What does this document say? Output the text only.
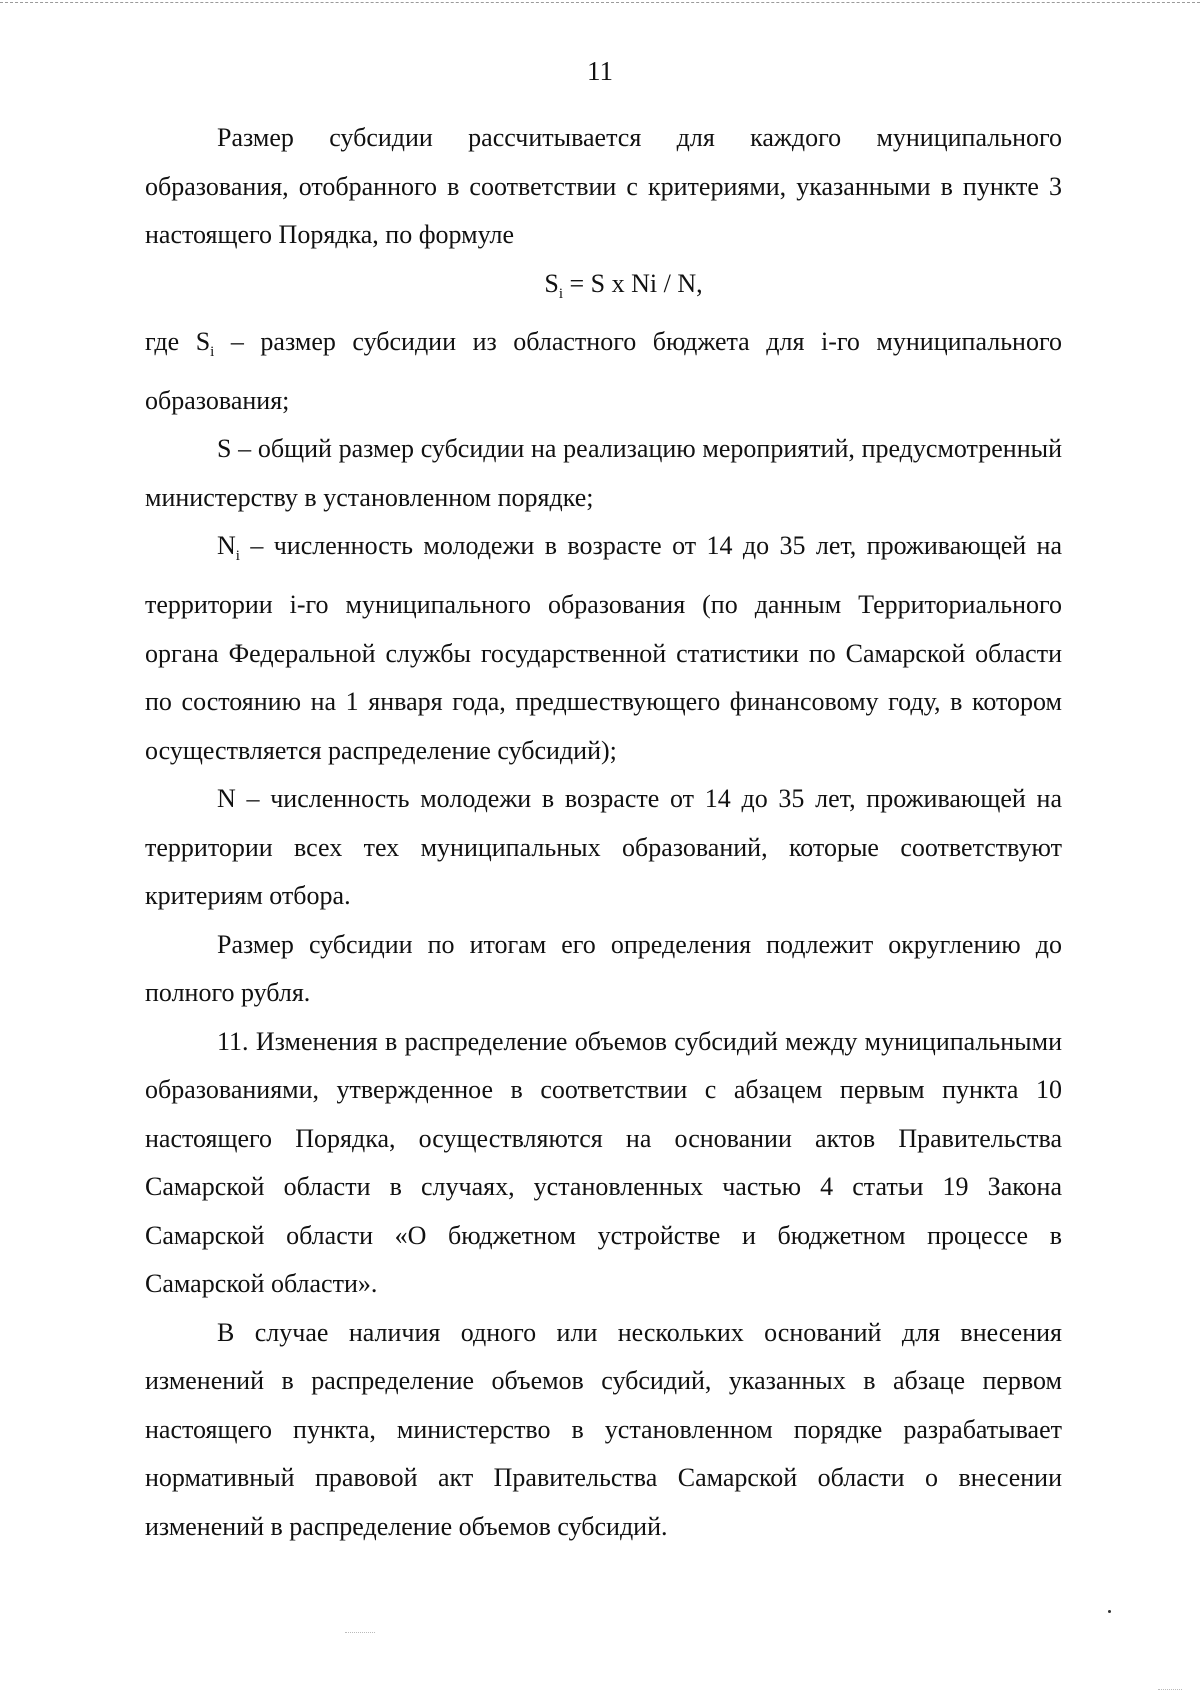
11

Размер субсидии рассчитывается для каждого муниципального образования, отобранного в соответствии с критериями, указанными в пункте 3 настоящего Порядка, по формуле

$S_i = S$ x Ni / N,

где $S_i$ – размер субсидии из областного бюджета для i-го муниципального образования;

S – общий размер субсидии на реализацию мероприятий, предусмотренный министерству в установленном порядке;

$N_i$ – численность молодежи в возрасте от 14 до 35 лет, проживающей на территории i-го муниципального образования (по данным Территориального органа Федеральной службы государственной статистики по Самарской области по состоянию на 1 января года, предшествующего финансовому году, в котором осуществляется распределение субсидий);

N – численность молодежи в возрасте от 14 до 35 лет, проживающей на территории всех тех муниципальных образований, которые соответствуют критериям отбора.

Размер субсидии по итогам его определения подлежит округлению до полного рубля.

11. Изменения в распределение объемов субсидий между муниципальными образованиями, утвержденное в соответствии с абзацем первым пункта 10 настоящего Порядка, осуществляются на основании актов Правительства Самарской области в случаях, установленных частью 4 статьи 19 Закона Самарской области «О бюджетном устройстве и бюджетном процессе в Самарской области».

В случае наличия одного или нескольких оснований для внесения изменений в распределение объемов субсидий, указанных в абзаце первом настоящего пункта, министерство в установленном порядке разрабатывает нормативный правовой акт Правительства Самарской области о внесении изменений в распределение объемов субсидий.
